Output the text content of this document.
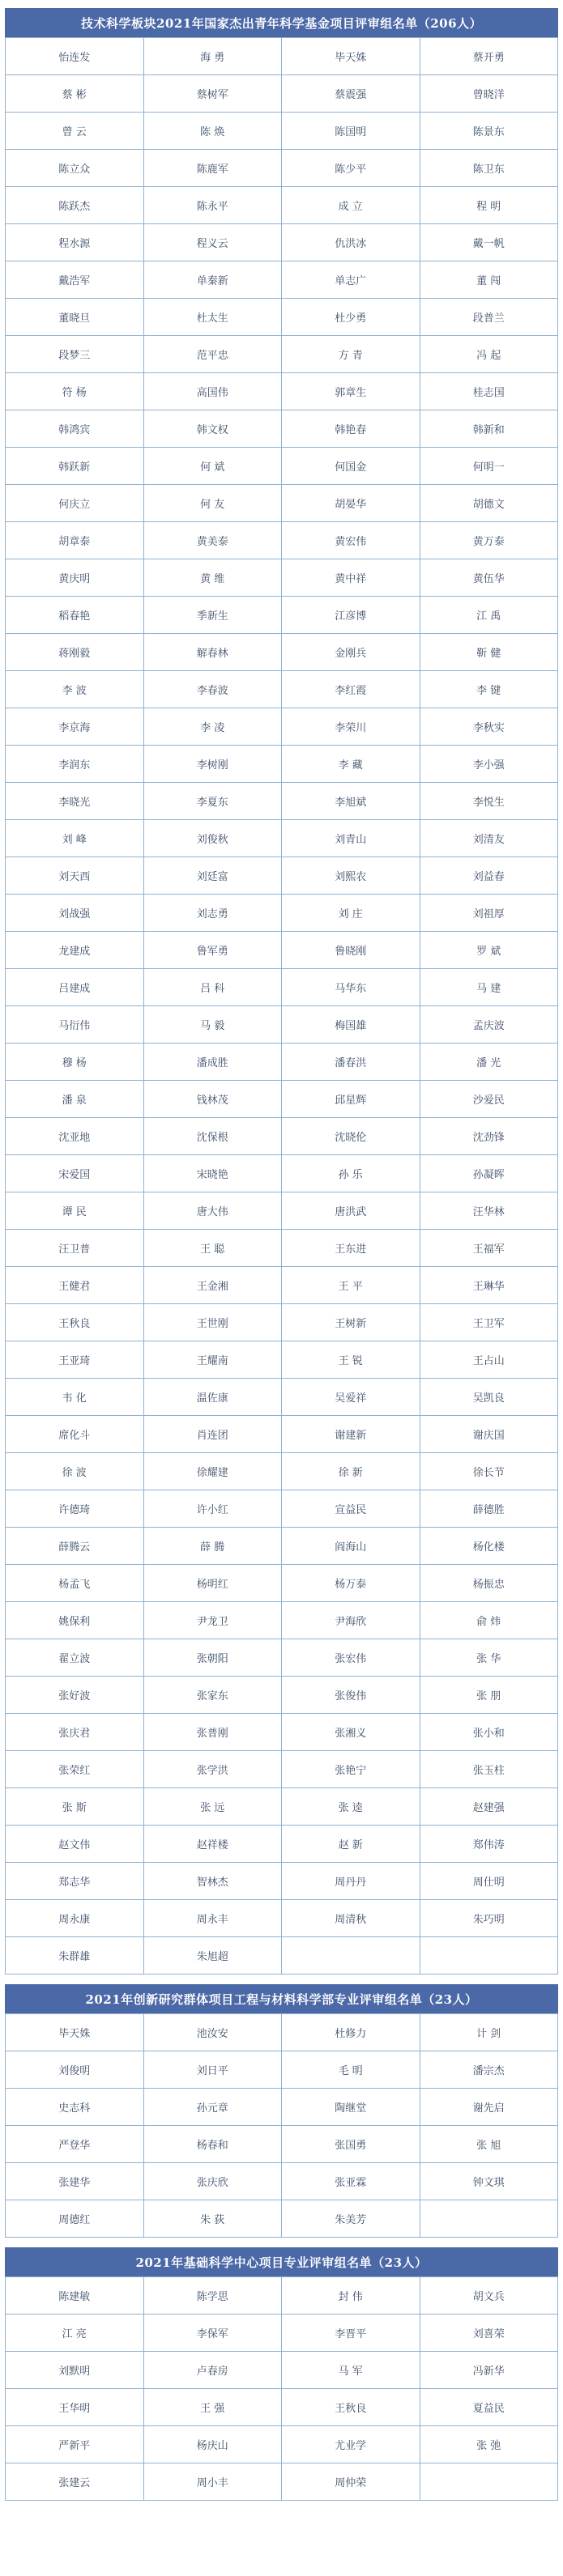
技术科学板块2021年国家杰出青年科学基金项目评审组名单（206人）
怡连发	海 勇	毕天姝	蔡开勇
蔡 彬	蔡树军	蔡震强	曾晓洋
曾 云	陈 焕	陈国明	陈景东
陈立众	陈鹿军	陈少平	陈卫东
陈跃杰	陈永平	成 立	程 明
程水源	程义云	仇洪冰	戴一帆
戴浩军	单秦新	单志广	董 闯
董晓旦	杜太生	杜少勇	段普兰
段梦三	范平忠	方 青	冯 起
符 杨	高国伟	郭章生	桂志国
韩鸿宾	韩文权	韩艳春	韩新和
韩跃新	何 斌	何国金	何明一
何庆立	何 友	胡晏华	胡德文
胡章泰	黄美泰	黄宏伟	黄万泰
黄庆明	黄 维	黄中祥	黄伍华
稻春艳	季新生	江彦博	江 禹
蒋刚毅	解春林	金刚兵	靳 健
李 波	李春波	李红霞	李 键
李京海	李 凌	李荣川	李秋实
李润东	李树刚	李 藏	李小强
李晓光	李夏东	李旭斌	李悦生
刘 峰	刘俊秋	刘青山	刘清友
刘天西	刘廷富	刘熙农	刘益春
刘战强	刘志勇	刘 庄	刘祖厚
龙建成	鲁军勇	鲁晓刚	罗 斌
吕建成	吕 科	马华东	马 建
马衍伟	马 毅	梅国雄	孟庆波
穆 杨	潘成胜	潘春洪	潘 光
潘 泉	钱林茂	邱星辉	沙爱民
沈亚地	沈保根	沈晓伦	沈劲锋
宋爱国	宋晓艳	孙 乐	孙凝晖
谭 民	唐大伟	唐洪武	汪华林
汪卫普	王 聪	王东进	王福军
王健君	王金湘	王 平	王琳华
王秋良	王世刚	王树新	王卫军
王亚琦	王耀南	王 锐	王占山
韦 化	温佐康	吴爱祥	吴凯良
席化斗	肖连团	谢建新	谢庆国
徐 波	徐耀建	徐 新	徐长节
许德琦	许小红	宣益民	薛德胜
薛腾云	薛 腾	阎海山	杨化楼
杨孟飞	杨明红	杨万泰	杨振忠
姚保利	尹龙卫	尹海欣	俞 炜
翟立波	张朝阳	张宏伟	张 华
张好波	张家东	张俊伟	张 朋
张庆君	张普刚	张湘义	张小和
张荣红	张学洪	张艳宁	张玉柱
张 斯	张 远	张 逵	赵建强
赵文伟	赵祥楼	赵 新	郑伟涛
郑志华	智林杰	周丹丹	周仕明
周永康	周永丰	周清秋	朱巧明
朱群雄	朱旭超		
2021年创新研究群体项目工程与材料科学部专业评审组名单（23人）
毕天姝	池汝安	杜修力	计 剑
刘俊明	刘日平	毛 明	潘宗杰
史志科	孙元章	陶继堂	谢先启
严登华	杨春和	张国勇	张 旭
张建华	张庆欣	张亚霖	钟文琪
周德红	朱 荻	朱美芳	
2021年基础科学中心项目专业评审组名单（23人）
陈建敏	陈学思	封 伟	胡文兵
江 亮	李保军	李晋平	刘喜荣
刘默明	卢春房	马 军	冯新华
王华明	王 强	王秋良	夏益民
严新平	杨庆山	尤业学	张 弛
张建云	周小丰	周仲荣	
